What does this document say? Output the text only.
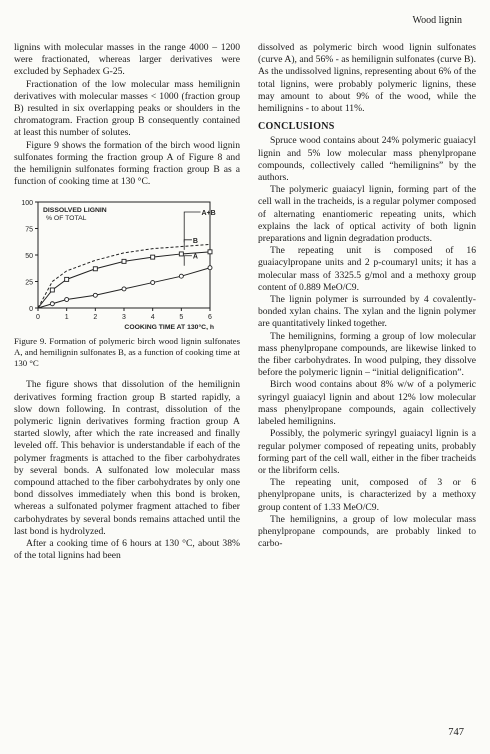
Wood lignin

lignins with molecular masses in the range 4000 – 1200 were fractionated, whereas larger derivatives were excluded by Sephadex G-25.

Fractionation of the low molecular mass hemilignin derivatives with molecular masses < 1000 (fraction group B) resulted in six overlapping peaks or shoulders in the chromatogram. Fraction group B consequently contained at least this number of solutes.

Figure 9 shows the formation of the birch wood lignin sulfonates forming the fraction group A of Figure 8 and the hemilignin sulfonates forming fraction group B as a function of cooking time at 130 °C.

0
25
50
75
100
0	1	2	3	4	5	6
DISSOLVED LIGNIN
% OF TOTAL
COOKING TIME AT 130°C, h
A+B
B
A
Figure 9. Formation of polymeric birch wood lignin sulfonates A, and hemilignin sulfonates B, as a function of cooking time at 130 °C

The figure shows that dissolution of the hemilignin derivatives forming fraction group B started rapidly, a slow down following. In contrast, dissolution of the polymeric lignin derivatives forming fraction group A started slowly, after which the rate increased and finally leveled off. This behavior is understandable if each of the polymer fragments is attached to the fiber carbohydrates by several bonds. A sulfonated low molecular mass compound attached to the fiber carbohydrates by only one bond dissolves immediately when this bond is broken, whereas a sulfonated polymer fragment attached to fiber carbohydrates by several bonds remains attached until the last bond is hydrolyzed.

After a cooking time of 6 hours at 130 °C, about 38% of the total lignins had been

dissolved as polymeric birch wood lignin sulfonates (curve A), and 56% - as hemilignin sulfonates (curve B). As the undissolved lignins, representing about 6% of the total lignins, were probably polymeric lignins, these may amount to about 9% of the wood, while the hemilignins - to about 11%.

CONCLUSIONS

Spruce wood contains about 24% polymeric guaiacyl lignin and 5% low molecular mass phenylpropane compounds, collectively called “hemilignins” by the authors.

The polymeric guaiacyl lignin, forming part of the cell wall in the tracheids, is a regular polymer composed of alternating enantiomeric repeating units, which explains the lack of optical activity of both lignin preparations and lignin degradation products.

The repeating unit is composed of 16 guaiacylpropane units and 2 p-coumaryl units; it has a molecular mass of 3325.5 g/mol and a methoxy group content of 0.889 MeO/C9.

The lignin polymer is surrounded by 4 covalently-bonded xylan chains. The xylan and the lignin polymer are quantitatively linked together.

The hemilignins, forming a group of low molecular mass phenylpropane compounds, are likewise linked to the fiber carbohydrates. In wood pulping, they dissolve before the polymeric lignin – “initial delignification”.

Birch wood contains about 8% w/w of a polymeric syringyl guaiacyl lignin and about 12% low molecular mass phenylpropane compounds, again collectively labeled hemilignins.

Possibly, the polymeric syringyl guaiacyl lignin is a regular polymer composed of repeating units, probably forming part of the cell wall, either in the fiber tracheids or the libriform cells.

The repeating unit, composed of 3 or 6 phenylpropane units, is characterized by a methoxy group content of 1.33 MeO/C9.

The hemilignins, a group of low molecular mass phenylpropane compounds, are probably linked to carbo-

747
